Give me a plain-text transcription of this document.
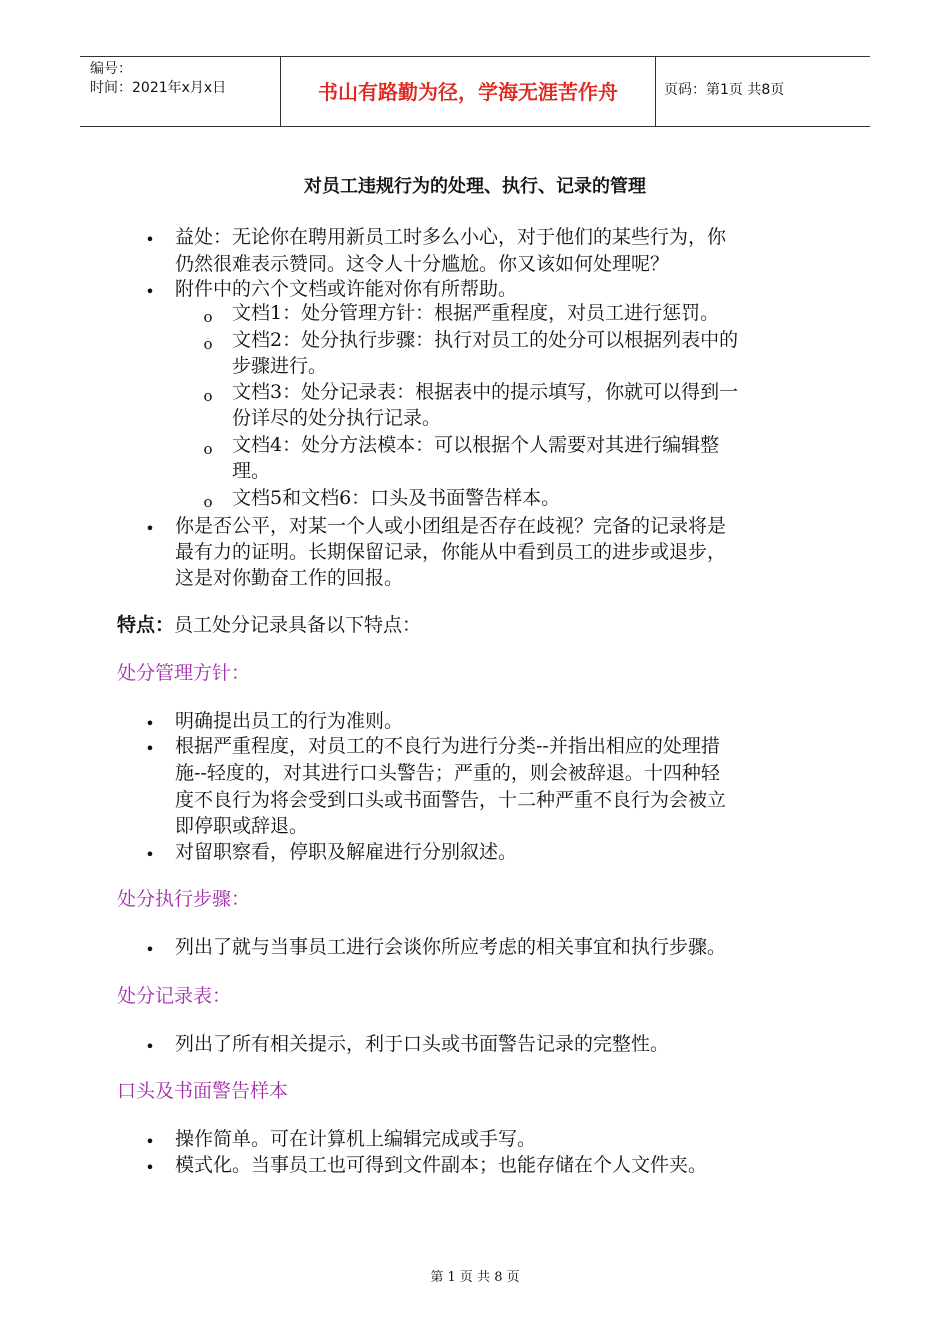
编号：
时间：2021年x月x日	书山有路勤为径，学海无涯苦作舟	页码：第1页 共8页
对员工违规行为的处理、执行、记录的管理
• 益处：无论你在聘用新员工时多么小心，对于他们的某些行为，你
仍然很难表示赞同。这令人十分尴尬。你又该如何处理呢？
• 附件中的六个文档或许能对你有所帮助。
o 文档1：处分管理方针：根据严重程度，对员工进行惩罚。
o 文档2：处分执行步骤：执行对员工的处分可以根据列表中的
步骤进行。
o 文档3：处分记录表：根据表中的提示填写，你就可以得到一
份详尽的处分执行记录。
o 文档4：处分方法模本：可以根据个人需要对其进行编辑整
理。
o 文档5和文档6：口头及书面警告样本。
• 你是否公平，对某一个人或小团组是否存在歧视？完备的记录将是
最有力的证明。长期保留记录，你能从中看到员工的进步或退步，
这是对你勤奋工作的回报。
特点：员工处分记录具备以下特点：
处分管理方针：
• 明确提出员工的行为准则。
• 根据严重程度，对员工的不良行为进行分类--并指出相应的处理措
施--轻度的，对其进行口头警告；严重的，则会被辞退。十四种轻
度不良行为将会受到口头或书面警告，十二种严重不良行为会被立
即停职或辞退。
• 对留职察看，停职及解雇进行分别叙述。
处分执行步骤：
• 列出了就与当事员工进行会谈你所应考虑的相关事宜和执行步骤。
处分记录表：
• 列出了所有相关提示，利于口头或书面警告记录的完整性。
口头及书面警告样本
• 操作简单。可在计算机上编辑完成或手写。
• 模式化。当事员工也可得到文件副本；也能存储在个人文件夹。
第 1 页 共 8 页
